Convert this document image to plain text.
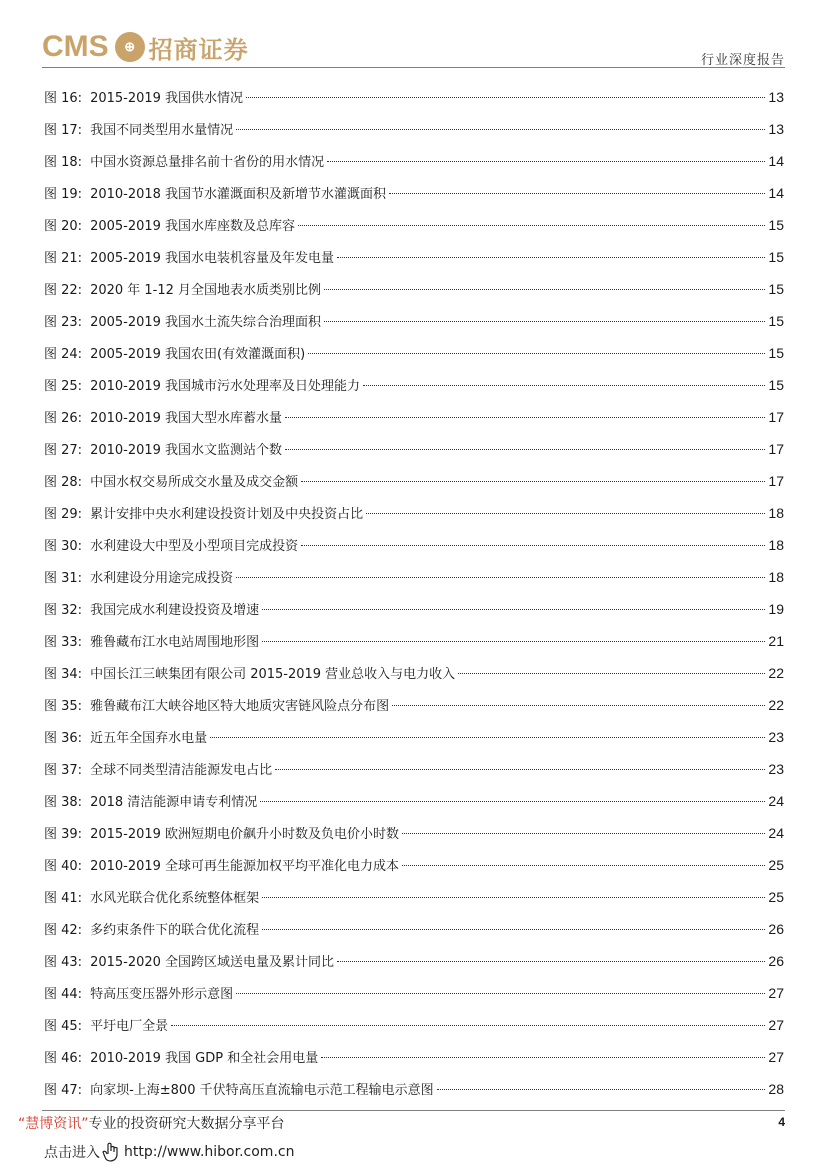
CMS	⊕ 招商证券	行业深度报告
图 16: 2015-2019 我国供水情况	13
图 17: 我国不同类型用水量情况	13
图 18: 中国水资源总量排名前十省份的用水情况	14
图 19: 2010-2018 我国节水灌溉面积及新增节水灌溉面积	14
图 20: 2005-2019 我国水库座数及总库容	15
图 21: 2005-2019 我国水电装机容量及年发电量	15
图 22: 2020 年 1-12 月全国地表水质类别比例	15
图 23: 2005-2019 我国水土流失综合治理面积	15
图 24: 2005-2019 我国农田(有效灌溉面积)	15
图 25: 2010-2019 我国城市污水处理率及日处理能力	15
图 26: 2010-2019 我国大型水库蓄水量	17
图 27: 2010-2019 我国水文监测站个数	17
图 28: 中国水权交易所成交水量及成交金额	17
图 29: 累计安排中央水利建设投资计划及中央投资占比	18
图 30: 水利建设大中型及小型项目完成投资	18
图 31: 水利建设分用途完成投资	18
图 32: 我国完成水利建设投资及增速	19
图 33: 雅鲁藏布江水电站周围地形图	21
图 34: 中国长江三峡集团有限公司 2015-2019 营业总收入与电力收入	22
图 35: 雅鲁藏布江大峡谷地区特大地质灾害链风险点分布图	22
图 36: 近五年全国弃水电量	23
图 37: 全球不同类型清洁能源发电占比	23
图 38: 2018 清洁能源申请专利情况	24
图 39: 2015-2019 欧洲短期电价飙升小时数及负电价小时数	24
图 40: 2010-2019 全球可再生能源加权平均平准化电力成本	25
图 41: 水风光联合优化系统整体框架	25
图 42: 多约束条件下的联合优化流程	26
图 43: 2015-2020 全国跨区域送电量及累计同比	26
图 44: 特高压变压器外形示意图	27
图 45: 平圩电厂全景	27
图 46: 2010-2019 我国 GDP 和全社会用电量	27
图 47: 向家坝-上海±800 千伏特高压直流输电示范工程输电示意图	28
“慧博资讯”专业的投资研究大数据分享平台	4
点击进入 http://www.hibor.com.cn
